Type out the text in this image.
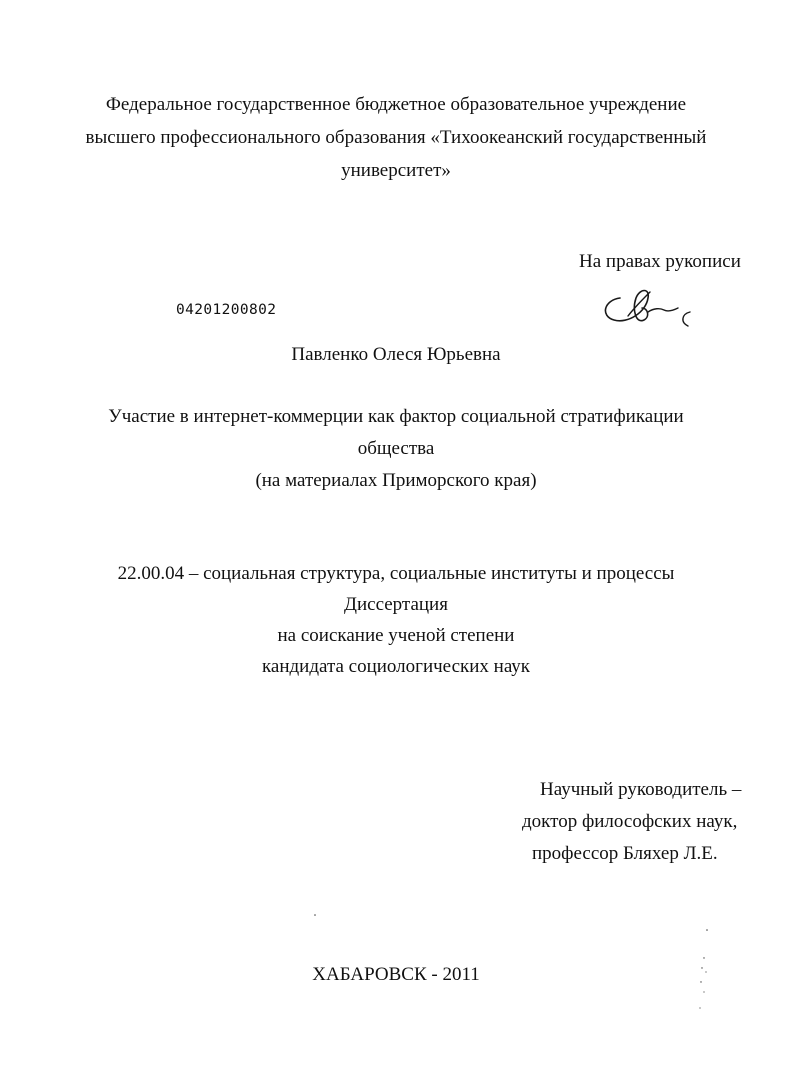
Федеральное государственное бюджетное образовательное учреждение
высшего профессионального образования «Тихоокеанский государственный
университет»
На правах рукописи
04201200802
Павленко Олеся Юрьевна
Участие в интернет-коммерции как фактор социальной стратификации
общества
(на материалах Приморского края)
22.00.04 – социальная структура, социальные институты и процессы
Диссертация
на соискание ученой степени
кандидата социологических наук
Научный руководитель –
доктор философских наук,
профессор Бляхер Л.Е.
ХАБАРОВСК - 2011
